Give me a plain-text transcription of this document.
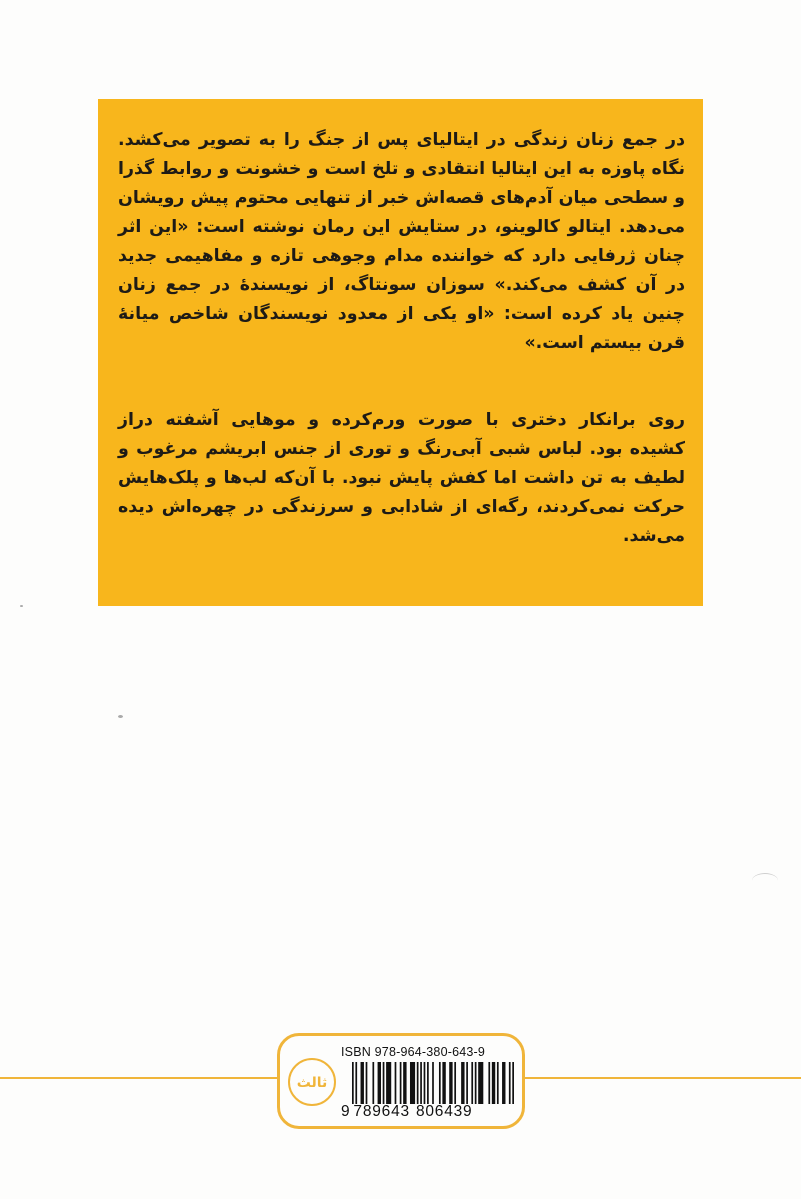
در جمع زنان زندگی در ایتالیای پس از جنگ را به تصویر می‌کشد. نگاه پاوزه به این ایتالیا انتقادی و تلخ است و خشونت و روابط گذرا و سطحی میان آدم‌های قصه‌اش خبر از تنهایی محتوم پیش رویشان می‌دهد. ایتالو کالوینو، در ستایش این رمان نوشته است: «این اثر چنان ژرفایی دارد که خواننده مدام وجوهی تازه و مفاهیمی جدید در آن کشف می‌کند.» سوزان سونتاگ، از نویسندهٔ در جمع زنان چنین یاد کرده است: «او یکی از معدود نویسندگان شاخص میانهٔ قرن بیستم است.»

روی برانکار دختری با صورت ورم‌کرده و موهایی آشفته دراز کشیده بود. لباس شبی آبی‌رنگ و توری از جنس ابریشم مرغوب و لطیف به تن داشت اما کفش پایش نبود. با آن‌که لب‌ها و پلک‌هایش حرکت نمی‌کردند، رگه‌ای از شادابی و سرزندگی در چهره‌اش دیده می‌شد.

ثالث
ISBN 978-964-380-643-9
9 789643 806439
